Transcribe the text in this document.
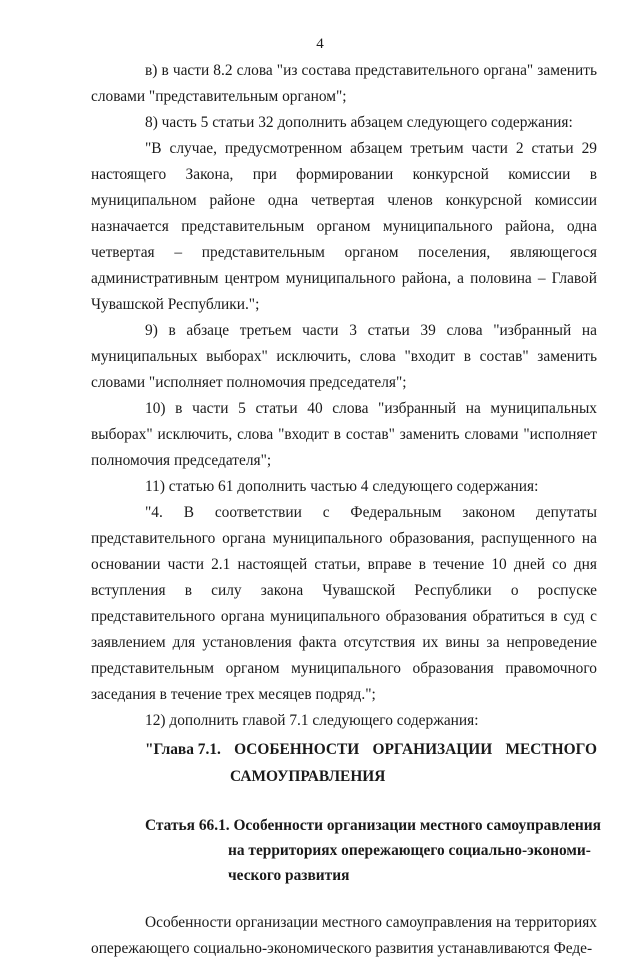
4

в) в части 8.2 слова "из состава представительного органа" заменить словами "представительным органом";

8) часть 5 статьи 32 дополнить абзацем следующего содержания:

"В случае, предусмотренном абзацем третьим части 2 статьи 29 настоящего Закона, при формировании конкурсной комиссии в муниципальном районе одна четвертая членов конкурсной комиссии назначается представительным органом муниципального района, одна четвертая – представительным органом поселения, являющегося административным центром муниципального района, а половина – Главой Чувашской Республики.";

9) в абзаце третьем части 3 статьи 39 слова "избранный на муниципальных выборах" исключить, слова "входит в состав" заменить словами "исполняет полномочия председателя";

10) в части 5 статьи 40 слова "избранный на муниципальных выборах" исключить, слова "входит в состав" заменить словами "исполняет полномочия председателя";

11) статью 61 дополнить частью 4 следующего содержания:

"4. В соответствии с Федеральным законом депутаты представительного органа муниципального образования, распущенного на основании части 2.1 настоящей статьи, вправе в течение 10 дней со дня вступления в силу закона Чувашской Республики о роспуске представительного органа муниципального образования обратиться в суд с заявлением для установления факта отсутствия их вины за непроведение представительным органом муниципального образования правомочного заседания в течение трех месяцев подряд.";

12) дополнить главой 7.1 следующего содержания:

"Глава 7.1. ОСОБЕННОСТИ ОРГАНИЗАЦИИ МЕСТНОГО
САМОУПРАВЛЕНИЯ
Статья 66.1. Особенности организации местного самоуправления
на территориях опережающего социально-экономи-
ческого развития

Особенности организации местного самоуправления на территориях опережающего социально-экономического развития устанавливаются Феде-
